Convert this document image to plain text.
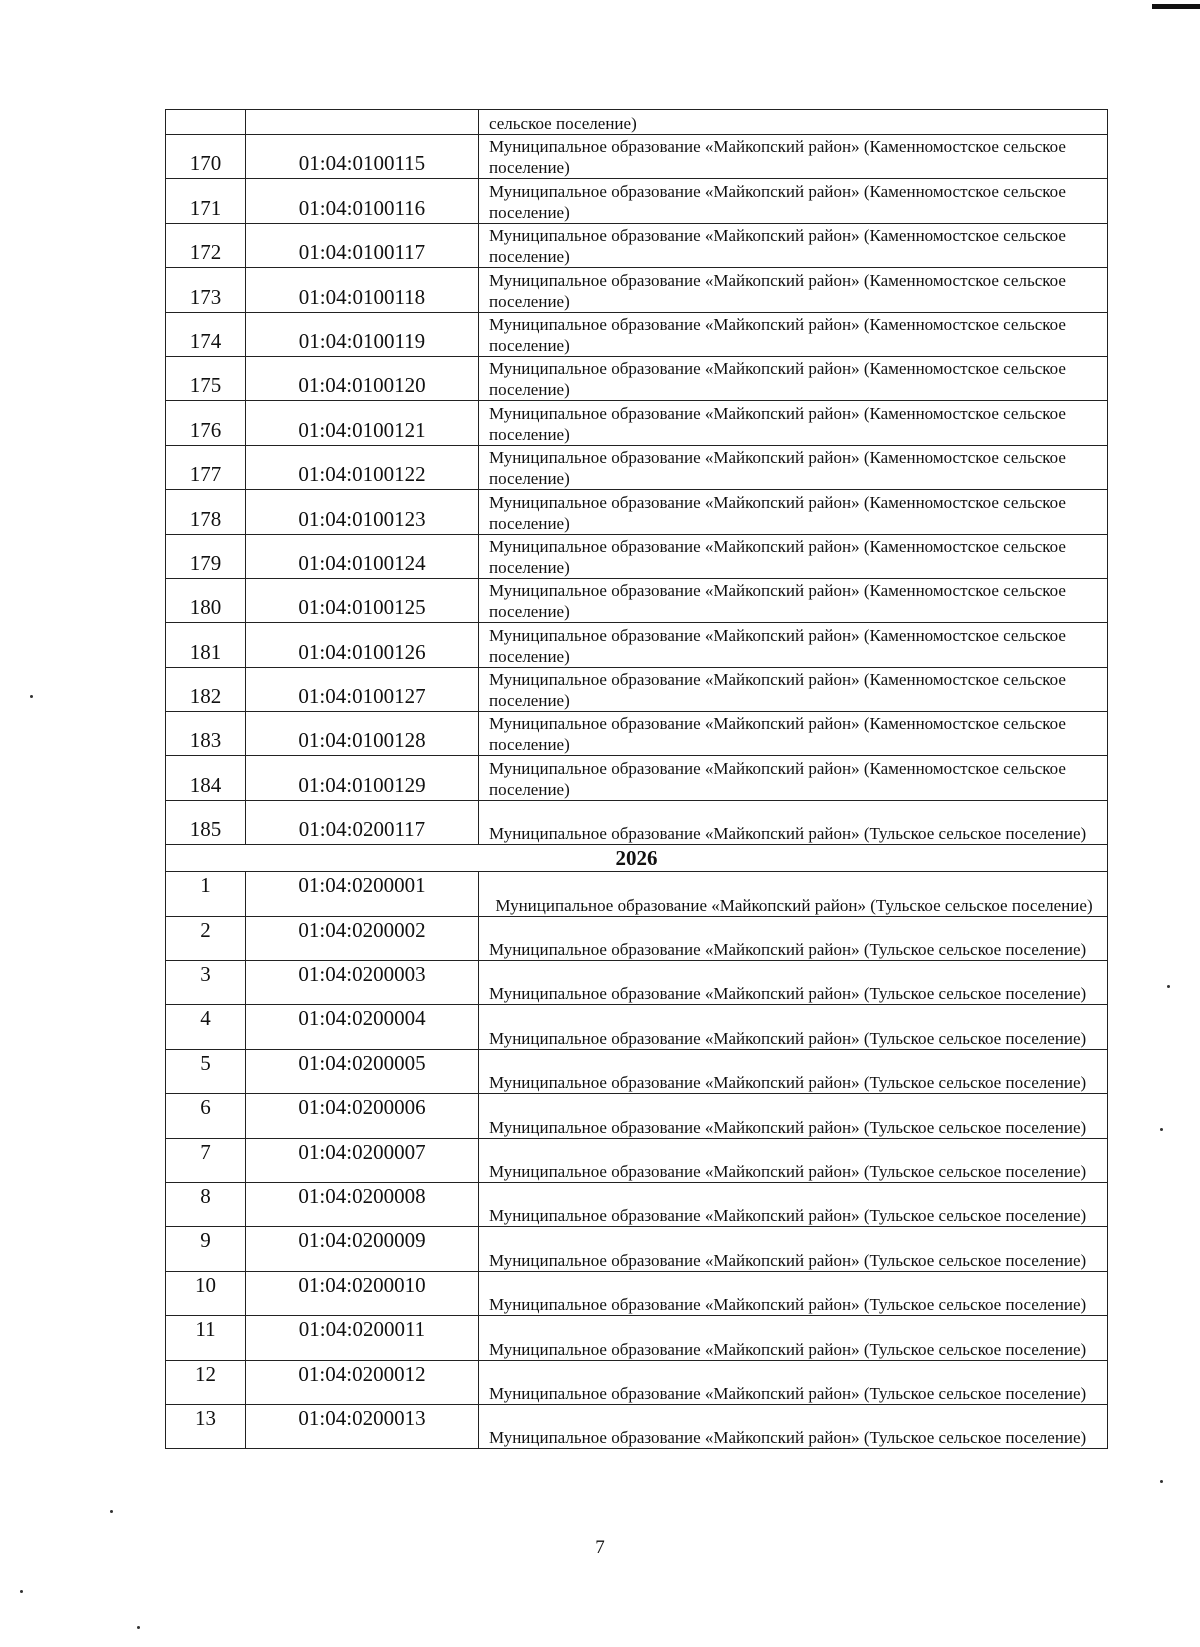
		сельское поселение)
170	01:04:0100115	Муниципальное образование «Майкопский район» (Каменномостское сельское поселение)
171	01:04:0100116	Муниципальное образование «Майкопский район» (Каменномостское сельское поселение)
172	01:04:0100117	Муниципальное образование «Майкопский район» (Каменномостское сельское поселение)
173	01:04:0100118	Муниципальное образование «Майкопский район» (Каменномостское сельское поселение)
174	01:04:0100119	Муниципальное образование «Майкопский район» (Каменномостское сельское поселение)
175	01:04:0100120	Муниципальное образование «Майкопский район» (Каменномостское сельское поселение)
176	01:04:0100121	Муниципальное образование «Майкопский район» (Каменномостское сельское поселение)
177	01:04:0100122	Муниципальное образование «Майкопский район» (Каменномостское сельское поселение)
178	01:04:0100123	Муниципальное образование «Майкопский район» (Каменномостское сельское поселение)
179	01:04:0100124	Муниципальное образование «Майкопский район» (Каменномостское сельское поселение)
180	01:04:0100125	Муниципальное образование «Майкопский район» (Каменномостское сельское поселение)
181	01:04:0100126	Муниципальное образование «Майкопский район» (Каменномостское сельское поселение)
182	01:04:0100127	Муниципальное образование «Майкопский район» (Каменномостское сельское поселение)
183	01:04:0100128	Муниципальное образование «Майкопский район» (Каменномостское сельское поселение)
184	01:04:0100129	Муниципальное образование «Майкопский район» (Каменномостское сельское поселение)
185	01:04:0200117	Муниципальное образование «Майкопский район» (Тульское сельское поселение)
2026		
1	01:04:0200001	Муниципальное образование «Майкопский район» (Тульское сельское поселение)

2	01:04:0200002	Муниципальное образование «Майкопский район» (Тульское сельское поселение)
3	01:04:0200003	Муниципальное образование «Майкопский район» (Тульское сельское поселение)
4	01:04:0200004	Муниципальное образование «Майкопский район» (Тульское сельское поселение)
5	01:04:0200005	Муниципальное образование «Майкопский район» (Тульское сельское поселение)
6	01:04:0200006	Муниципальное образование «Майкопский район» (Тульское сельское поселение)
7	01:04:0200007	Муниципальное образование «Майкопский район» (Тульское сельское поселение)
8	01:04:0200008	Муниципальное образование «Майкопский район» (Тульское сельское поселение)
9	01:04:0200009	Муниципальное образование «Майкопский район» (Тульское сельское поселение)
10	01:04:0200010	Муниципальное образование «Майкопский район» (Тульское сельское поселение)
11	01:04:0200011	Муниципальное образование «Майкопский район» (Тульское сельское поселение)
12	01:04:0200012	Муниципальное образование «Майкопский район» (Тульское сельское поселение)
13	01:04:0200013	Муниципальное образование «Майкопский район» (Тульское сельское поселение)
7
